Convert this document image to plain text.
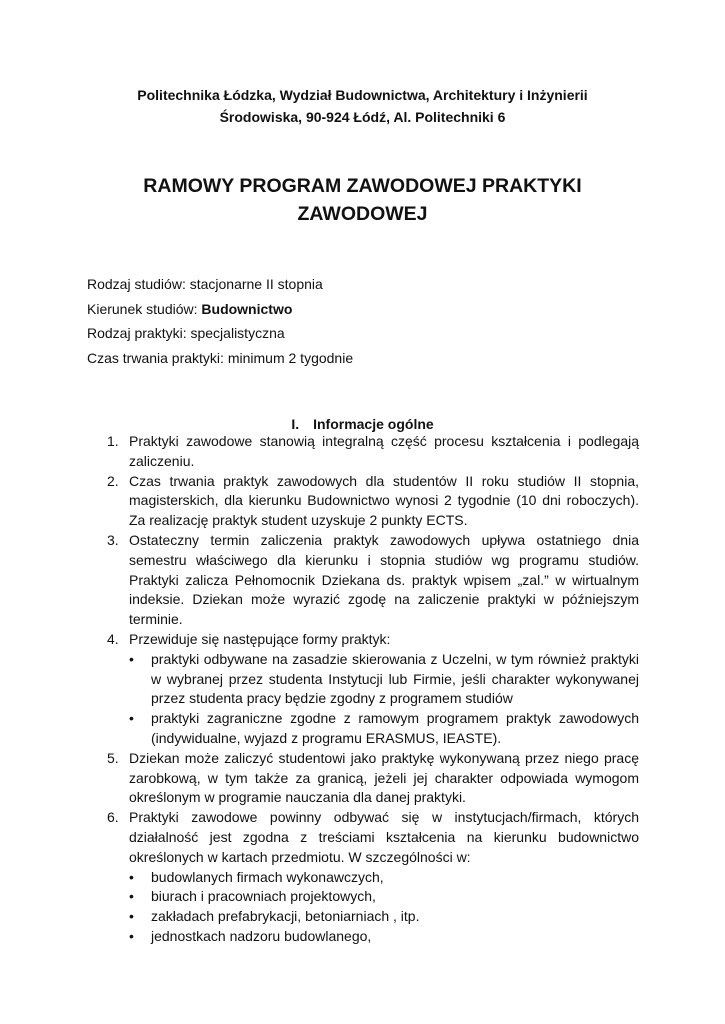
Politechnika Łódzka, Wydział Budownictwa, Architektury i Inżynierii
Środowiska, 90-924 Łódź, Al. Politechniki 6
RAMOWY PROGRAM ZAWODOWEJ PRAKTYKI
ZAWODOWEJ
Rodzaj studiów: stacjonarne II stopnia
Kierunek studiów: Budownictwo
Rodzaj praktyki: specjalistyczna
Czas trwania praktyki: minimum 2 tygodnie
I. Informacje ogólne
1. Praktyki zawodowe stanowią integralną część procesu kształcenia i podlegają zaliczeniu.

2. Czas trwania praktyk zawodowych dla studentów II roku studiów II stopnia, magisterskich, dla kierunku Budownictwo wynosi 2 tygodnie (10 dni roboczych). Za realizację praktyk student uzyskuje 2 punkty ECTS.

3. Ostateczny termin zaliczenia praktyk zawodowych upływa ostatniego dnia semestru właściwego dla kierunku i stopnia studiów wg programu studiów. Praktyki zalicza Pełnomocnik Dziekana ds. praktyk wpisem „zal.” w wirtualnym indeksie. Dziekan może wyrazić zgodę na zaliczenie praktyki w późniejszym terminie.

4. Przewiduje się następujące formy praktyk:

• praktyki odbywane na zasadzie skierowania z Uczelni, w tym również praktyki w wybranej przez studenta Instytucji lub Firmie, jeśli charakter wykonywanej przez studenta pracy będzie zgodny z programem studiów
• praktyki zagraniczne zgodne z ramowym programem praktyk zawodowych (indywidualne, wyjazd z programu ERASMUS, IEASTE).
5. Dziekan może zaliczyć studentowi jako praktykę wykonywaną przez niego pracę zarobkową, w tym także za granicą, jeżeli jej charakter odpowiada wymogom określonym w programie nauczania dla danej praktyki.

6. Praktyki zawodowe powinny odbywać się w instytucjach/firmach, których działalność jest zgodna z treściami kształcenia na kierunku budownictwo określonych w kartach przedmiotu. W szczególności w:

• budowlanych firmach wykonawczych,
• biurach i pracowniach projektowych,
• zakładach prefabrykacji, betoniarniach , itp.
• jednostkach nadzoru budowlanego,
